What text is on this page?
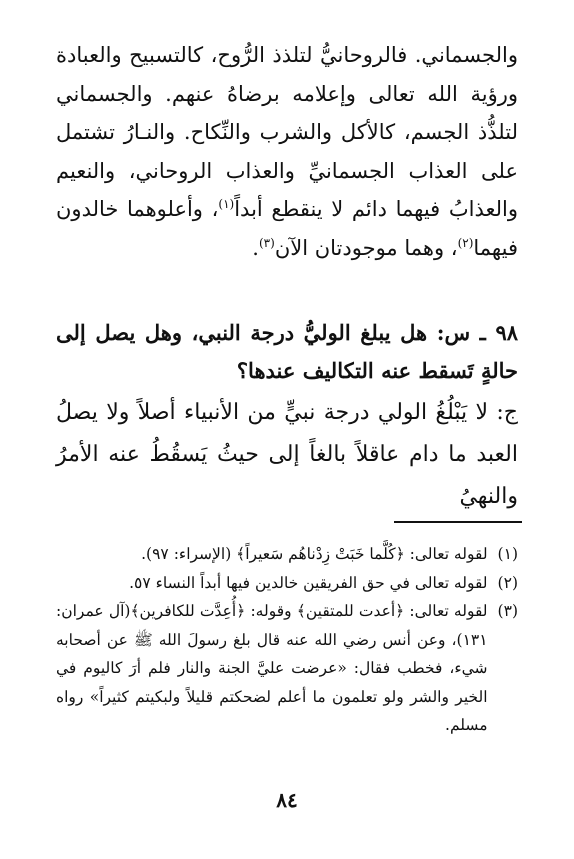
والجسماني. فالروحانيُّ لتلذذ الرُّوح، كالتسبيح والعبادة ورؤية الله تعالى وإعلامه برضاهُ عنهم. والجسماني لتلذُّذ الجسم، كالأكل والشرب والنِّكاح. والنـارُ تشتمل على العذاب الجسمانيِّ والعذاب الروحاني، والنعيم والعذابُ فيهما دائم لا ينقطع أبداً$^{(١)}$، وأعلوهما خالدون فيهما$^{(٢)}$، وهما موجودتان الآن$^{(٣)}$.

٩٨ ـ س: هل يبلغ الوليُّ درجة النبي، وهل يصل إلى حالةٍ تَسقط عنه التكاليف عندها؟

ج: لا يَبْلُغُ الولي درجة نبيٍّ من الأنبياء أصلاً ولا يصلُ العبد ما دام عاقلاً بالغاً إلى حيثُ يَسقُطُ عنه الأمرُ والنهيُ

(١)
لقوله تعالى: ﴿كُلَّما خَبَتْ زِدْناهُم سَعيراً﴾ (الإسراء: ٩٧).
(٢)
لقوله تعالى في حق الفريقين خالدين فيها أبداً النساء ٥٧.
(٣)
لقوله تعالى: ﴿أعدت للمتقين﴾ وقوله: ﴿أُعِدَّت للكافرين﴾(آل عمران: ١٣١)، وعن أنس رضي الله عنه قال بلغ رسولَ الله ﷺ عن أصحابه شيء، فخطب فقال: «عرضت عليَّ الجنة والنار فلم أرَ كاليوم في الخير والشر ولو تعلمون ما أعلم لضحكتم قليلاً ولبكيتم كثيراً» رواه مسلم.
٨٤
